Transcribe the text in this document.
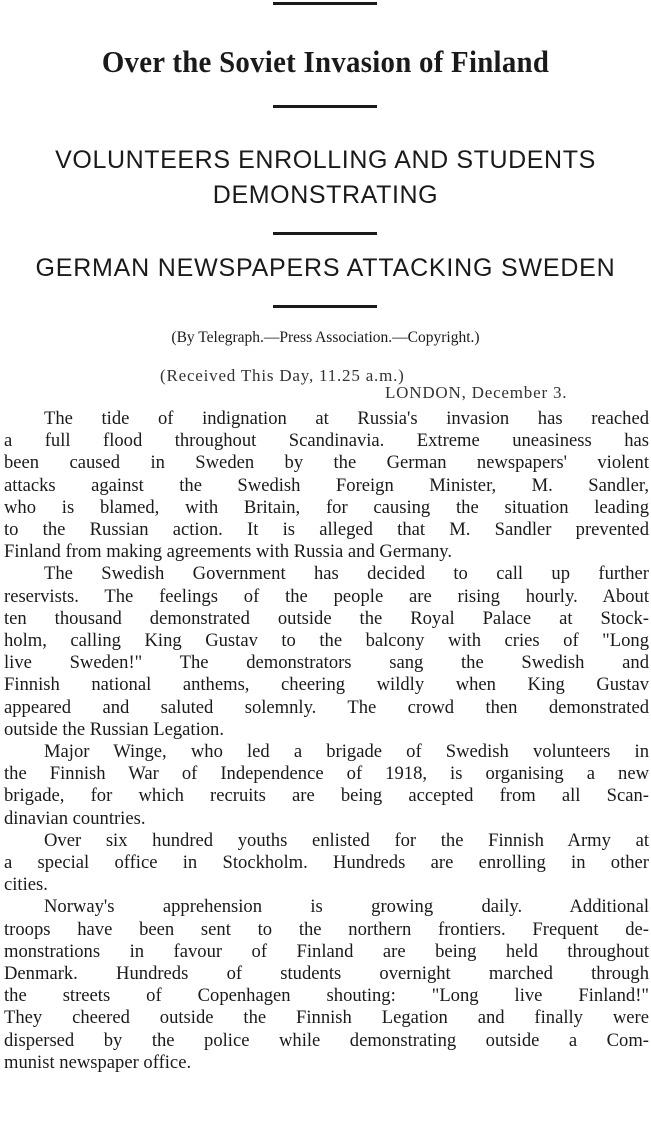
Over the Soviet Invasion of Finland
VOLUNTEERS ENROLLING AND STUDENTS
DEMONSTRATING
GERMAN NEWSPAPERS ATTACKING SWEDEN
(By Telegraph.—Press Association.—Copyright.)
(Received This Day, 11.25 a.m.)
LONDON, December 3.
The tide of indignation at Russia's invasion has reached
a full flood throughout Scandinavia. Extreme uneasiness has
been caused in Sweden by the German newspapers' violent
attacks against the Swedish Foreign Minister, M. Sandler,
who is blamed, with Britain, for causing the situation leading
to the Russian action. It is alleged that M. Sandler prevented
Finland from making agreements with Russia and Germany.
The Swedish Government has decided to call up further
reservists. The feelings of the people are rising hourly. About
ten thousand demonstrated outside the Royal Palace at Stock-
holm, calling King Gustav to the balcony with cries of "Long
live Sweden!" The demonstrators sang the Swedish and
Finnish national anthems, cheering wildly when King Gustav
appeared and saluted solemnly. The crowd then demonstrated
outside the Russian Legation.
Major Winge, who led a brigade of Swedish volunteers in
the Finnish War of Independence of 1918, is organising a new
brigade, for which recruits are being accepted from all Scan-
dinavian countries.
Over six hundred youths enlisted for the Finnish Army at
a special office in Stockholm. Hundreds are enrolling in other
cities.
Norway's apprehension is growing daily. Additional
troops have been sent to the northern frontiers. Frequent de-
monstrations in favour of Finland are being held throughout
Denmark. Hundreds of students overnight marched through
the streets of Copenhagen shouting: "Long live Finland!"
They cheered outside the Finnish Legation and finally were
dispersed by the police while demonstrating outside a Com-
munist newspaper office.
